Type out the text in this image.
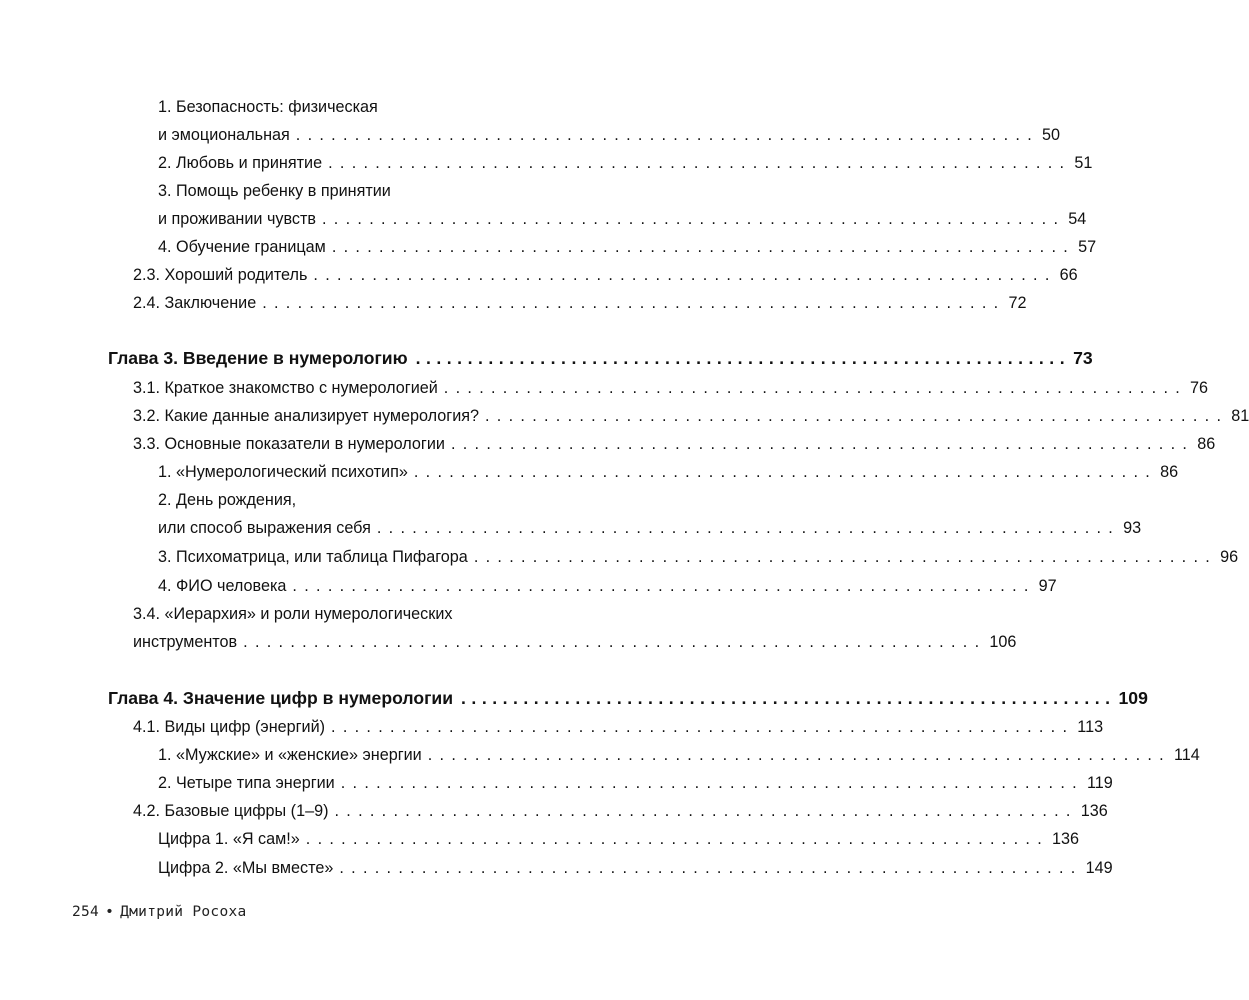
1. Безопасность: физическая
и эмоциональная ............................................................... 50
2. Любовь и принятие ............................................................... 51
3. Помощь ребенку в принятии
и проживании чувств ............................................................... 54
4. Обучение границам ............................................................... 57
2.3. Хороший родитель ............................................................... 66
2.4. Заключение ............................................................... 72
Глава 3. Введение в нумерологию ............................................................... 73
3.1. Краткое знакомство с нумерологией ............................................................... 76
3.2. Какие данные анализирует нумерология? ............................................................... 81
3.3. Основные показатели в нумерологии ............................................................... 86
1. «Нумерологический психотип» ............................................................... 86
2. День рождения,
или способ выражения себя ............................................................... 93
3. Психоматрица, или таблица Пифагора ............................................................... 96
4. ФИО человека ............................................................... 97
3.4. «Иерархия» и роли нумерологических
инструментов ............................................................... 106
Глава 4. Значение цифр в нумерологии ............................................................... 109
4.1. Виды цифр (энергий) ............................................................... 113
1. «Мужские» и «женские» энергии ............................................................... 114
2. Четыре типа энергии ............................................................... 119
4.2. Базовые цифры (1–9) ............................................................... 136
Цифра 1. «Я сам!» ............................................................... 136
Цифра 2. «Мы вместе» ............................................................... 149
254 • Дмитрий Росоха
